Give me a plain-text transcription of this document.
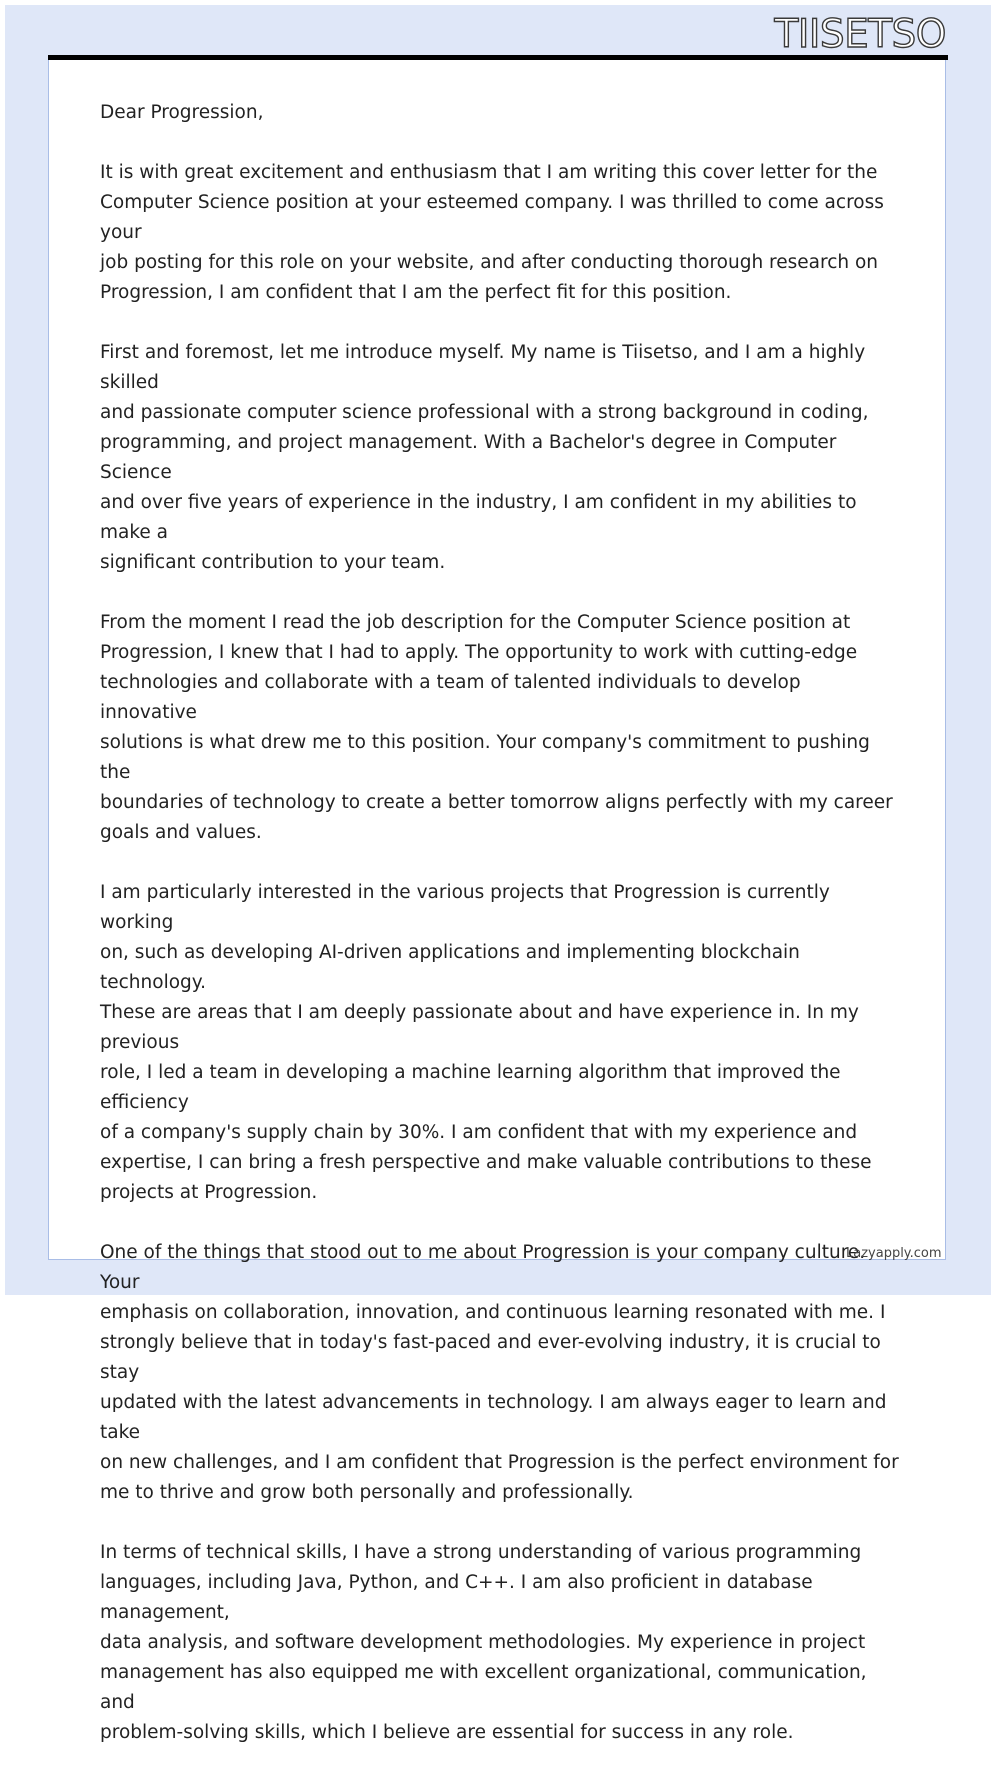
TIISETSO

Dear Progression,

It is with great excitement and enthusiasm that I am writing this cover letter for the
Computer Science position at your esteemed company. I was thrilled to come across your
job posting for this role on your website, and after conducting thorough research on
Progression, I am confident that I am the perfect fit for this position.

First and foremost, let me introduce myself. My name is Tiisetso, and I am a highly skilled
and passionate computer science professional with a strong background in coding,
programming, and project management. With a Bachelor's degree in Computer Science
and over five years of experience in the industry, I am confident in my abilities to make a
significant contribution to your team.

From the moment I read the job description for the Computer Science position at
Progression, I knew that I had to apply. The opportunity to work with cutting-edge
technologies and collaborate with a team of talented individuals to develop innovative
solutions is what drew me to this position. Your company's commitment to pushing the
boundaries of technology to create a better tomorrow aligns perfectly with my career
goals and values.

I am particularly interested in the various projects that Progression is currently working
on, such as developing AI-driven applications and implementing blockchain technology.
These are areas that I am deeply passionate about and have experience in. In my previous
role, I led a team in developing a machine learning algorithm that improved the efficiency
of a company's supply chain by 30%. I am confident that with my experience and
expertise, I can bring a fresh perspective and make valuable contributions to these
projects at Progression.

One of the things that stood out to me about Progression is your company culture. Your
emphasis on collaboration, innovation, and continuous learning resonated with me. I
strongly believe that in today's fast-paced and ever-evolving industry, it is crucial to stay
updated with the latest advancements in technology. I am always eager to learn and take
on new challenges, and I am confident that Progression is the perfect environment for
me to thrive and grow both personally and professionally.

In terms of technical skills, I have a strong understanding of various programming
languages, including Java, Python, and C++. I am also proficient in database management,
data analysis, and software development methodologies. My experience in project
management has also equipped me with excellent organizational, communication, and
problem-solving skills, which I believe are essential for success in any role.

Lazyapply.com
